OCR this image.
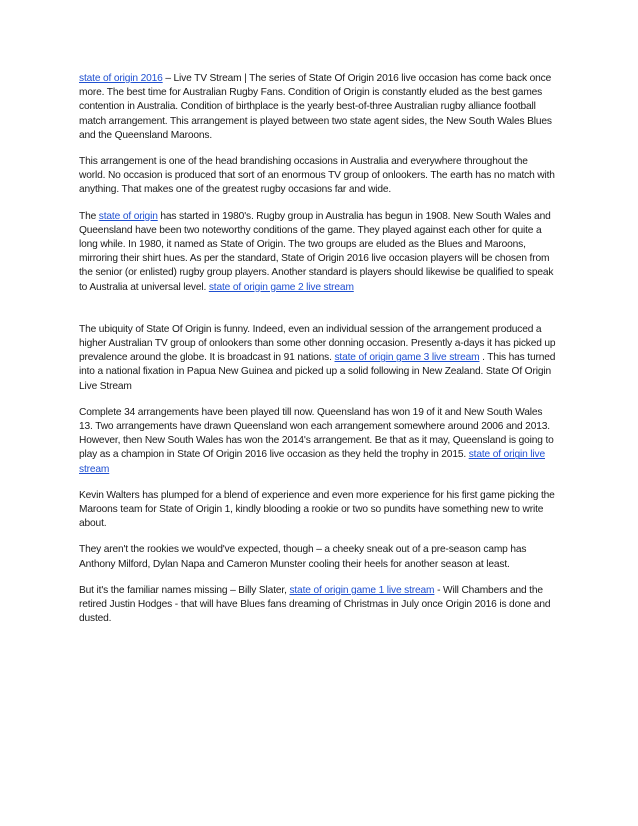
state of origin 2016 – Live TV Stream | The series of State Of Origin 2016 live occasion has come back once more. The best time for Australian Rugby Fans. Condition of Origin is constantly eluded as the best games contention in Australia. Condition of birthplace is the yearly best-of-three Australian rugby alliance football match arrangement. This arrangement is played between two state agent sides, the New South Wales Blues and the Queensland Maroons.

This arrangement is one of the head brandishing occasions in Australia and everywhere throughout the world. No occasion is produced that sort of an enormous TV group of onlookers. The earth has no match with anything. That makes one of the greatest rugby occasions far and wide.

The state of origin has started in 1980's. Rugby group in Australia has begun in 1908. New South Wales and Queensland have been two noteworthy conditions of the game. They played against each other for quite a long while. In 1980, it named as State of Origin. The two groups are eluded as the Blues and Maroons, mirroring their shirt hues. As per the standard, State of Origin 2016 live occasion players will be chosen from the senior (or enlisted) rugby group players. Another standard is players should likewise be qualified to speak to Australia at universal level. state of origin game 2 live stream

The ubiquity of State Of Origin is funny. Indeed, even an individual session of the arrangement produced a higher Australian TV group of onlookers than some other donning occasion. Presently a-days it has picked up prevalence around the globe. It is broadcast in 91 nations. state of origin game 3 live stream . This has turned into a national fixation in Papua New Guinea and picked up a solid following in New Zealand. State Of Origin Live Stream

Complete 34 arrangements have been played till now. Queensland has won 19 of it and New South Wales 13. Two arrangements have drawn Queensland won each arrangement somewhere around 2006 and 2013. However, then New South Wales has won the 2014's arrangement. Be that as it may, Queensland is going to play as a champion in State Of Origin 2016 live occasion as they held the trophy in 2015. state of origin live stream

Kevin Walters has plumped for a blend of experience and even more experience for his first game picking the Maroons team for State of Origin 1, kindly blooding a rookie or two so pundits have something new to write about.

They aren't the rookies we would've expected, though – a cheeky sneak out of a pre-season camp has Anthony Milford, Dylan Napa and Cameron Munster cooling their heels for another season at least.

But it's the familiar names missing – Billy Slater, state of origin game 1 live stream - Will Chambers and the retired Justin Hodges - that will have Blues fans dreaming of Christmas in July once Origin 2016 is done and dusted.
